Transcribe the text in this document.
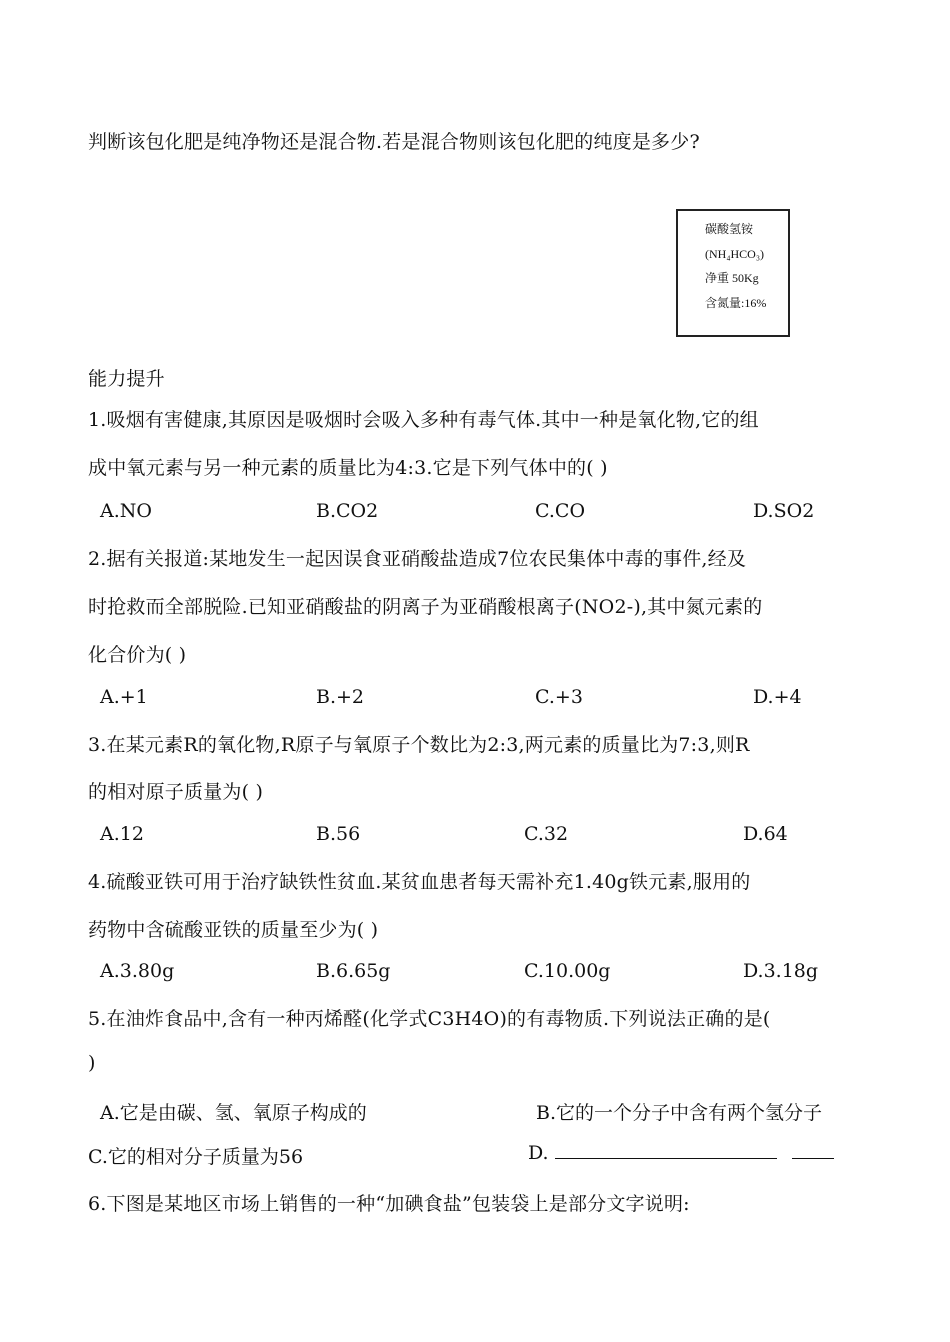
判断该包化肥是纯净物还是混合物.若是混合物则该包化肥的纯度是多少?
碳酸氢铵
(NH₄HCO₃)
净重 50Kg
含氮量:16%
能力提升
1.吸烟有害健康,其原因是吸烟时会吸入多种有毒气体.其中一种是氧化物,它的组
成中氧元素与另一种元素的质量比为4:3.它是下列气体中的( )
A.NO	B.CO2	C.CO	D.SO2
2.据有关报道:某地发生一起因误食亚硝酸盐造成7位农民集体中毒的事件,经及
时抢救而全部脱险.已知亚硝酸盐的阴离子为亚硝酸根离子(NO2-),其中氮元素的
化合价为( )
A.+1	B.+2	C.+3	D.+4
3.在某元素R的氧化物,R原子与氧原子个数比为2:3,两元素的质量比为7:3,则R
的相对原子质量为( )
A.12	B.56	C.32	D.64
4.硫酸亚铁可用于治疗缺铁性贫血.某贫血患者每天需补充1.40g铁元素,服用的
药物中含硫酸亚铁的质量至少为( )
A.3.80g	B.6.65g	C.10.00g	D.3.18g
5.在油炸食品中,含有一种丙烯醛(化学式C3H4O)的有毒物质.下列说法正确的是(
)
A.它是由碳、氢、氧原子构成的	B.它的一个分子中含有两个氢分子
C.它的相对分子质量为56	D.
6.下图是某地区市场上销售的一种“加碘食盐”包装袋上是部分文字说明:
